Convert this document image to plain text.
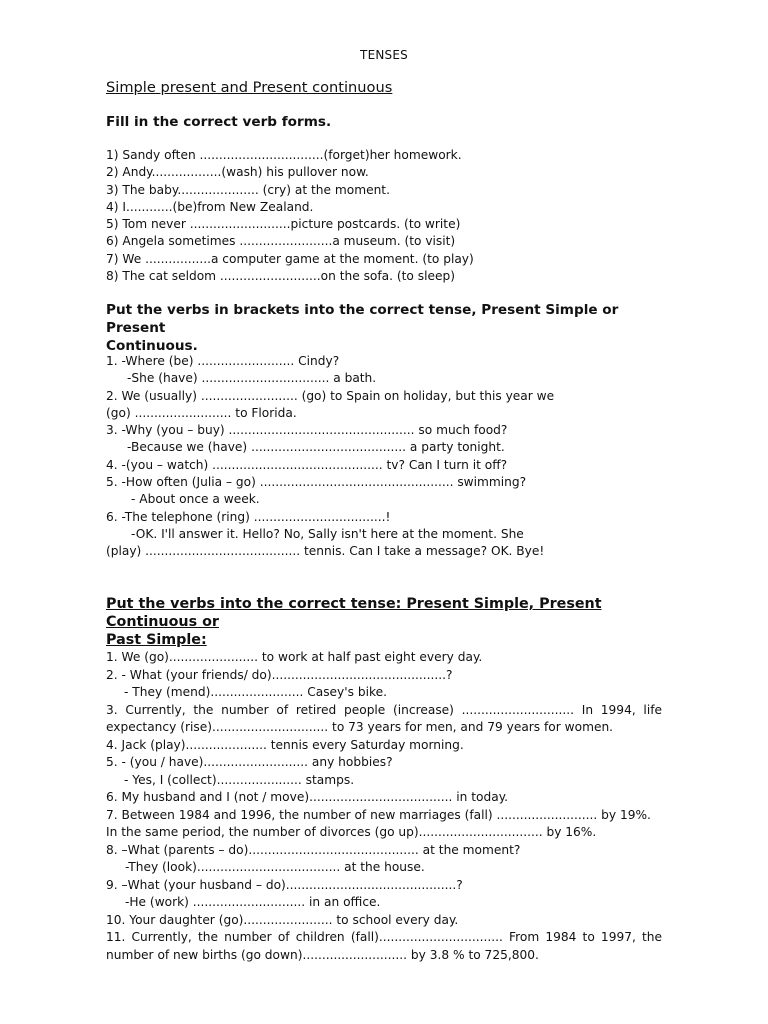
TENSES
Simple present and Present continuous
Fill in the correct verb forms.
1) Sandy often ................................(forget)her homework.
2) Andy..................(wash) his pullover now.
3) The baby..................... (cry) at the moment.
4) I............(be)from New Zealand.
5) Tom never ..........................picture postcards. (to write)
6) Angela sometimes ........................a museum. (to visit)
7) We .................a computer game at the moment. (to play)
8) The cat seldom ..........................on the sofa. (to sleep)
Put the verbs in brackets into the correct tense, Present Simple or Present
Continuous.
1. -Where (be) ......................... Cindy?
-She (have) ................................. a bath.
2. We (usually) ......................... (go) to Spain on holiday, but this year we
(go) ......................... to Florida.
3. -Why (you – buy) ................................................ so much food?
-Because we (have) ........................................ a party tonight.
4. -(you – watch) ............................................ tv? Can I turn it off?
5. -How often (Julia – go) .................................................. swimming?
- About once a week.
6. -The telephone (ring) ..................................!
-OK. I'll answer it. Hello? No, Sally isn't here at the moment. She
(play) ........................................ tennis. Can I take a message? OK. Bye!
Put the verbs into the correct tense: Present Simple, Present Continuous or
Past Simple:
1. We (go)....................... to work at half past eight every day.
2. - What (your friends/ do).............................................?
- They (mend)........................ Casey's bike.
3. Currently, the number of retired people (increase) ............................. In 1994, life
expectancy (rise).............................. to 73 years for men, and 79 years for women.
4. Jack (play)..................... tennis every Saturday morning.
5. - (you / have)........................... any hobbies?
- Yes, I (collect)...................... stamps.
6. My husband and I (not / move)..................................... in today.
7. Between 1984 and 1996, the number of new marriages (fall) .......................... by 19%.
In the same period, the number of divorces (go up)................................ by 16%.
8. –What (parents – do)............................................ at the moment?
-They (look)..................................... at the house.
9. –What (your husband – do)............................................?
-He (work) ............................. in an office.
10. Your daughter (go)....................... to school every day.
11. Currently, the number of children (fall)................................ From 1984 to 1997, the
number of new births (go down)........................... by 3.8 % to 725,800.
